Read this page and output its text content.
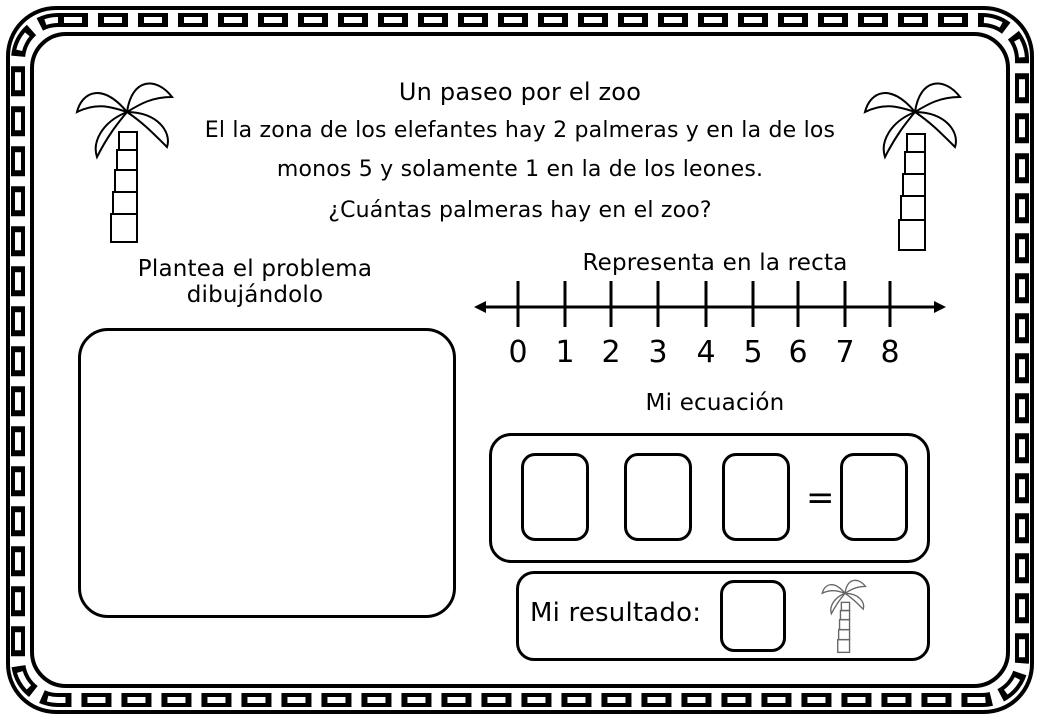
Un paseo por el zoo
El la zona de los elefantes hay 2 palmeras y en la de los
monos 5 y solamente 1 en la de los leones.
¿Cuántas palmeras hay en el zoo?
Plantea el problema
dibujándolo
Representa en la recta
0 1 2 3 4 5 6 7 8
Mi ecuación
=
Mi resultado:
